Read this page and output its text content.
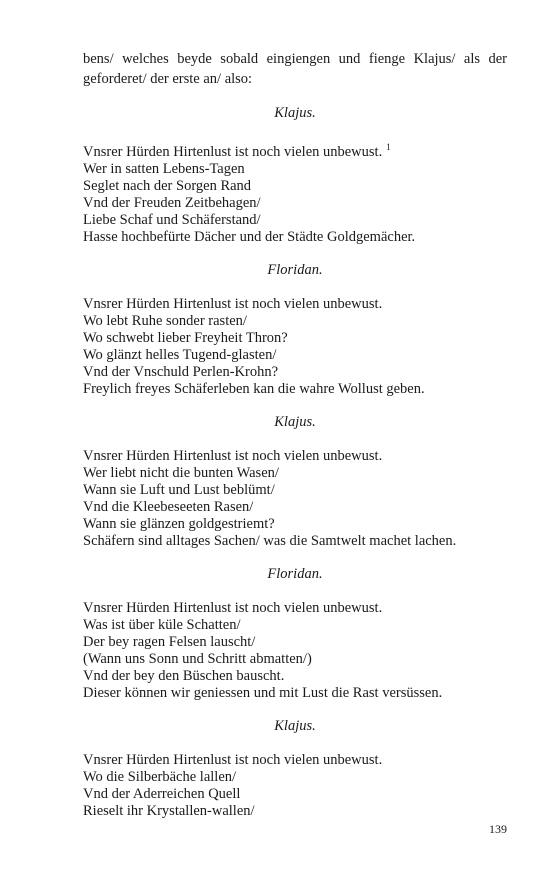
bens/ welches beyde sobald eingiengen und fienge Klajus/ als der
geforderet/ der erste an/ also:

Klajus.
Vnsrer Hürden Hirtenlust ist noch vielen unbewust. $^1$
Wer in satten Lebens-Tagen
Seglet nach der Sorgen Rand
Vnd der Freuden Zeitbehagen/
Liebe Schaf und Schäferstand/
Hasse hochbefürte Dächer und der Städte Goldgemächer.
Floridan.
Vnsrer Hürden Hirtenlust ist noch vielen unbewust.
Wo lebt Ruhe sonder rasten/
Wo schwebt lieber Freyheit Thron?
Wo glänzt helles Tugend-glasten/
Vnd der Vnschuld Perlen-Krohn?
Freylich freyes Schäferleben kan die wahre Wollust geben.
Klajus.
Vnsrer Hürden Hirtenlust ist noch vielen unbewust.
Wer liebt nicht die bunten Wasen/
Wann sie Luft und Lust beblümt/
Vnd die Kleebeseeten Rasen/
Wann sie glänzen goldgestriemt?
Schäfern sind alltages Sachen/ was die Samtwelt machet lachen.
Floridan.
Vnsrer Hürden Hirtenlust ist noch vielen unbewust.
Was ist über küle Schatten/
Der bey ragen Felsen lauscht/
(Wann uns Sonn und Schritt abmatten/)
Vnd der bey den Büschen bauscht.
Dieser können wir geniessen und mit Lust die Rast versüssen.
Klajus.
Vnsrer Hürden Hirtenlust ist noch vielen unbewust.
Wo die Silberbäche lallen/
Vnd der Aderreichen Quell
Rieselt ihr Krystallen-wallen/
139
